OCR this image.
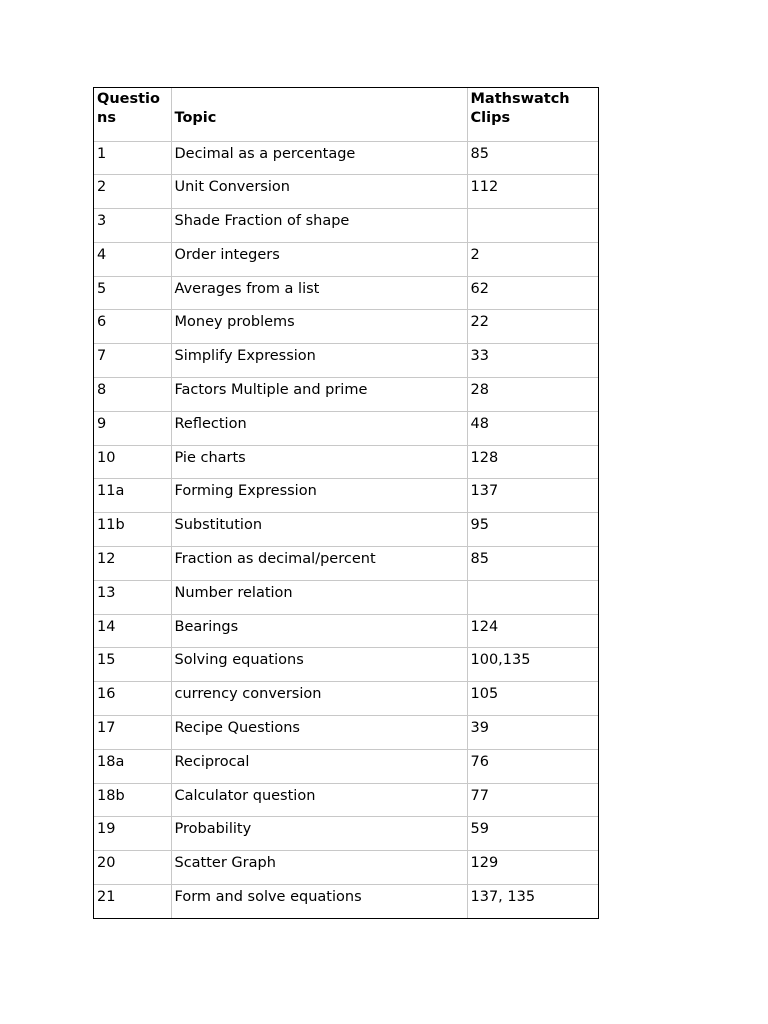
Questions	Topic	Mathswatch Clips
1	Decimal as a percentage	85
2	Unit Conversion	112
3	Shade Fraction of shape	
4	Order integers	2
5	Averages from a list	62
6	Money problems	22
7	Simplify Expression	33
8	Factors Multiple and prime	28
9	Reflection	48
10	Pie charts	128
11a	Forming Expression	137
11b	Substitution	95
12	Fraction as decimal/percent	85
13	Number relation	
14	Bearings	124
15	Solving equations	100,135
16	currency conversion	105
17	Recipe Questions	39
18a	Reciprocal	76
18b	Calculator question	77
19	Probability	59
20	Scatter Graph	129
21	Form and solve equations	137, 135
